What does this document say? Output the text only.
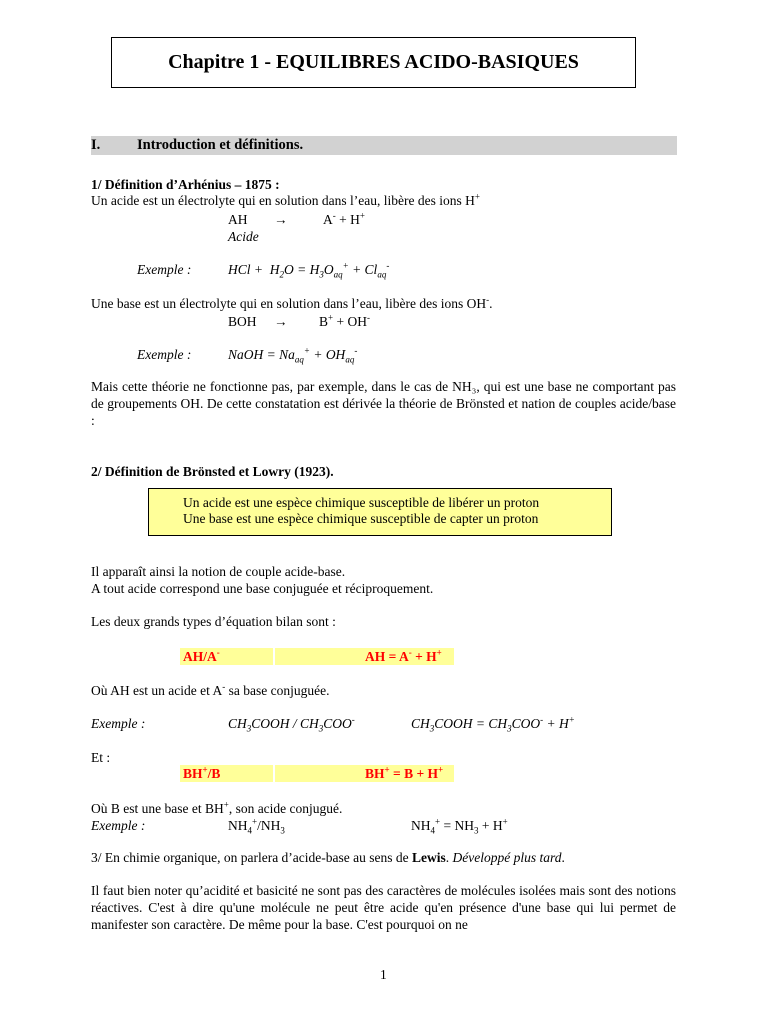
Chapitre 1 - EQUILIBRES ACIDO-BASIQUES
I.	Introduction et définitions.
1/ Définition d’Arhénius – 1875 :
Un acide est un électrolyte qui en solution dans l’eau, libère des ions H+
AH →	A- + H+
Acide
Exemple :	HCl +  $H_2O = H_3O_{aq}^+ + Cl_{aq}^-$
Une base est un électrolyte qui en solution dans l’eau, libère des ions OH-.
BOH → B+ + OH-
Exemple :	NaOH = $Na_{aq}^+ + OH_{aq}^-$
Mais cette théorie ne fonctionne pas, par exemple, dans le cas de NH₃, qui est une base ne comportant pas de groupements OH. De cette constatation est dérivée la théorie de Brönsted et nation de couples acide/base :
2/ Définition de Brönsted et Lowry (1923).
Un acide est une espèce chimique susceptible de libérer un proton
Une base est une espèce chimique susceptible de capter un proton
Il apparaît ainsi la notion de couple acide-base.
A tout acide correspond une base conjuguée et réciproquement.
Les deux grands types d’équation bilan sont :
AH/A-	AH = A- + H+
Où AH est un acide et A- sa base conjuguée.
Exemple :	$CH_3COOH / CH_3COO^-$	$CH_3COOH = CH_3COO^- + H^+$
Et :
BH+/B	BH+ = B + H+
Où B est une base et BH+, son acide conjugué.
Exemple :	$NH_4^+/NH_3$	$NH_4^+ = NH_3 + H^+$
3/ En chimie organique, on parlera d’acide-base au sens de Lewis. Développé plus tard.
Il faut bien noter qu’acidité et basicité ne sont pas des caractères de molécules isolées mais sont des notions réactives. C'est à dire qu'une molécule ne peut être acide qu'en présence d'une base qui lui permet de manifester son caractère. De même pour la base. C'est pourquoi on ne
1
